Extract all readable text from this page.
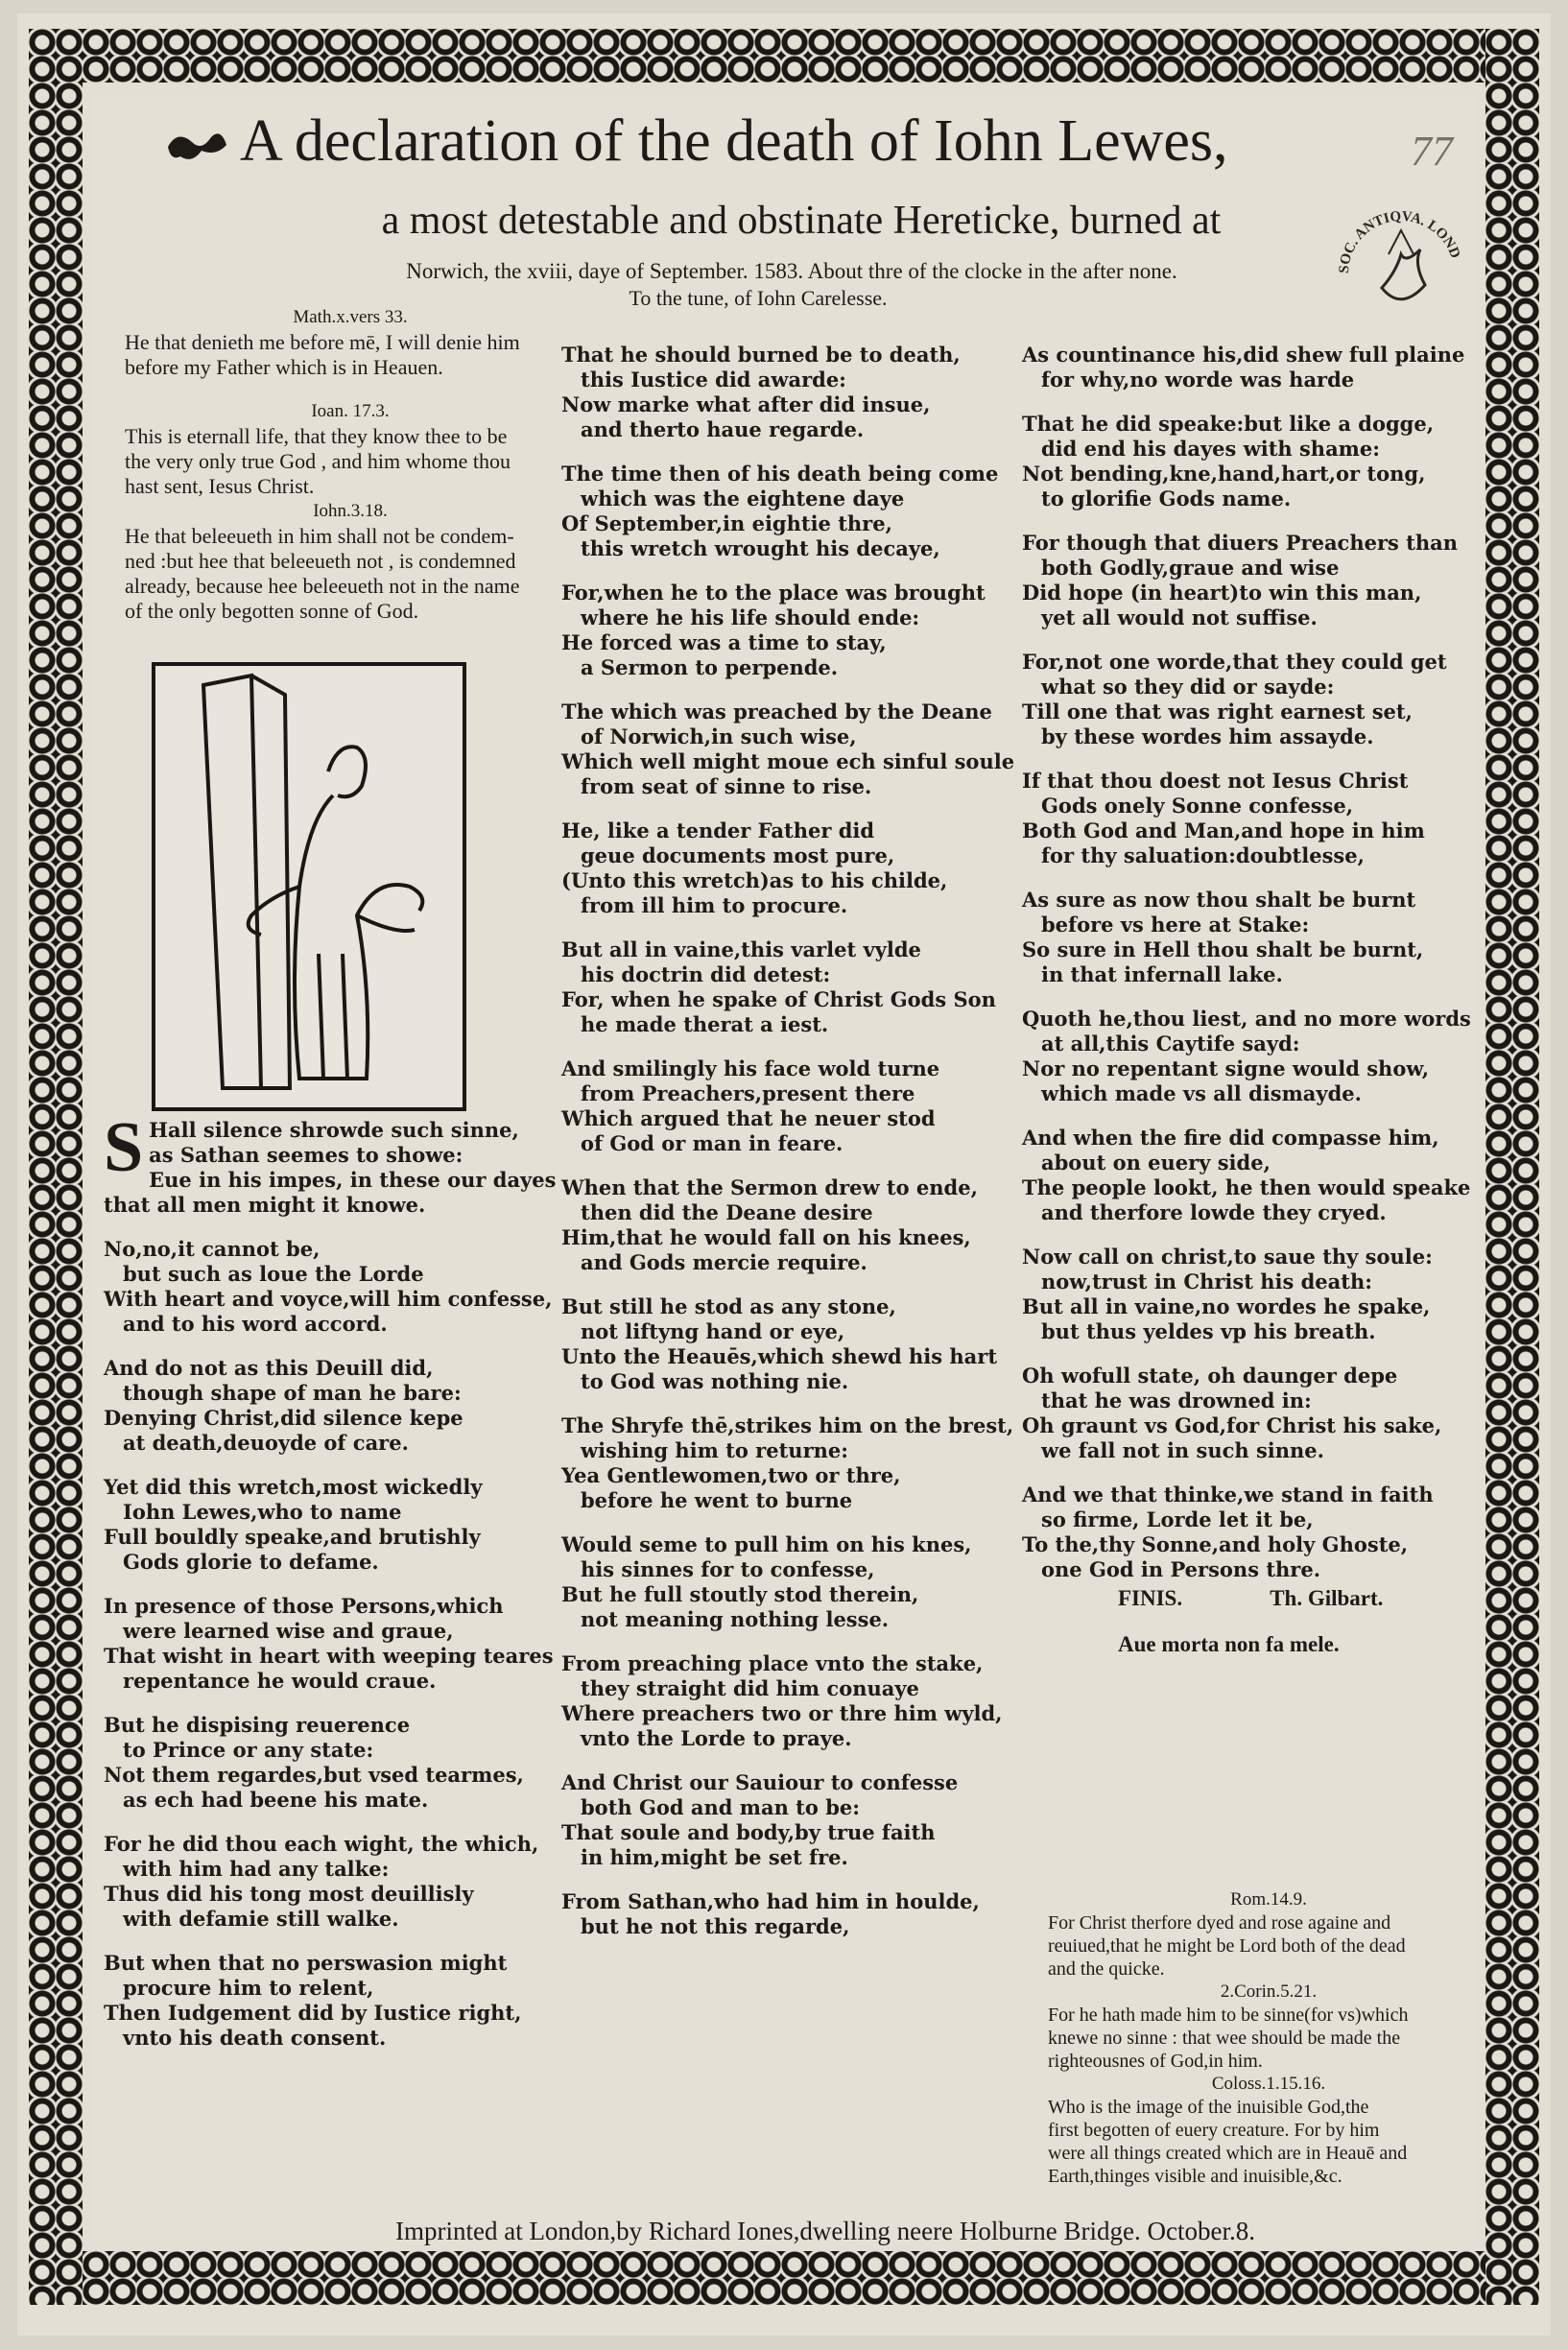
A declaration of the death of Iohn Lewes,
a most detestable and obstinate Hereticke, burned at
Norwich, the xviii, daye of September. 1583. About thre of the clocke in the after none.
To the tune, of Iohn Carelesse.
77
SOC. ANTIQVA. LOND
Math.x.vers 33.
He that denieth me before mē, I will denie him
before my Father which is in Heauen.
Ioan. 17.3.
This is eternall life, that they know thee to be
the very only true God , and him whome thou
hast sent, Iesus Christ.
Iohn.3.18.
He that beleeueth in him shall not be condem-
ned :but hee that beleeueth not , is condemned
already, because hee beleeueth not in the name
of the only begotten sonne of God.
S Hall silence shrowde such sinne,
as Sathan seemes to showe:
Eue in his impes, in these our dayes
that all men might it knowe.
No,no,it cannot be,
but such as loue the Lorde
With heart and voyce,will him confesse,
and to his word accord.
And do not as this Deuill did,
though shape of man he bare:
Denying Christ,did silence kepe
at death,deuoyde of care.
Yet did this wretch,most wickedly
Iohn Lewes,who to name
Full bouldly speake,and brutishly
Gods glorie to defame.
In presence of those Persons,which
were learned wise and graue,
That wisht in heart with weeping teares
repentance he would craue.
But he dispising reuerence
to Prince or any state:
Not them regardes,but vsed tearmes,
as ech had beene his mate.
For he did thou each wight, the which,
with him had any talke:
Thus did his tong most deuillisly
with defamie still walke.
But when that no perswasion might
procure him to relent,
Then Iudgement did by Iustice right,
vnto his death consent.
That he should burned be to death,
this Iustice did awarde:
Now marke what after did insue,
and therto haue regarde.
The time then of his death being come
which was the eightene daye
Of September,in eightie thre,
this wretch wrought his decaye,
For,when he to the place was brought
where he his life should ende:
He forced was a time to stay,
a Sermon to perpende.
The which was preached by the Deane
of Norwich,in such wise,
Which well might moue ech sinful soule
from seat of sinne to rise.
He, like a tender Father did
geue documents most pure,
(Unto this wretch)as to his childe,
from ill him to procure.
But all in vaine,this varlet vylde
his doctrin did detest:
For, when he spake of Christ Gods Son
he made therat a iest.
And smilingly his face wold turne
from Preachers,present there
Which argued that he neuer stod
of God or man in feare.
When that the Sermon drew to ende,
then did the Deane desire
Him,that he would fall on his knees,
and Gods mercie require.
But still he stod as any stone,
not liftyng hand or eye,
Unto the Heauēs,which shewd his hart
to God was nothing nie.
The Shryfe thē,strikes him on the brest,
wishing him to returne:
Yea Gentlewomen,two or thre,
before he went to burne
Would seme to pull him on his knes,
his sinnes for to confesse,
But he full stoutly stod therein,
not meaning nothing lesse.
From preaching place vnto the stake,
they straight did him conuaye
Where preachers two or thre him wyld,
vnto the Lorde to praye.
And Christ our Sauiour to confesse
both God and man to be:
That soule and body,by true faith
in him,might be set fre.
From Sathan,who had him in houlde,
but he not this regarde,
As countinance his,did shew full plaine
for why,no worde was harde
That he did speake:but like a dogge,
did end his dayes with shame:
Not bending,kne,hand,hart,or tong,
to glorifie Gods name.
For though that diuers Preachers than
both Godly,graue and wise
Did hope (in heart)to win this man,
yet all would not suffise.
For,not one worde,that they could get
what so they did or sayde:
Till one that was right earnest set,
by these wordes him assayde.
If that thou doest not Iesus Christ
Gods onely Sonne confesse,
Both God and Man,and hope in him
for thy saluation:doubtlesse,
As sure as now thou shalt be burnt
before vs here at Stake:
So sure in Hell thou shalt be burnt,
in that infernall lake.
Quoth he,thou liest, and no more words
at all,this Caytife sayd:
Nor no repentant signe would show,
which made vs all dismayde.
And when the fire did compasse him,
about on euery side,
The people lookt, he then would speake
and therfore lowde they cryed.
Now call on christ,to saue thy soule:
now,trust in Christ his death:
But all in vaine,no wordes he spake,
but thus yeldes vp his breath.
Oh wofull state, oh daunger depe
that he was drowned in:
Oh graunt vs God,for Christ his sake,
we fall not in such sinne.
And we that thinke,we stand in faith
so firme, Lorde let it be,
To the,thy Sonne,and holy Ghoste,
one God in Persons thre.
FINIS.	Th. Gilbart.
Aue morta non fa mele.
Rom.14.9.
For Christ therfore dyed and rose againe and
reuiued,that he might be Lord both of the dead
and the quicke.
2.Corin.5.21.
For he hath made him to be sinne(for vs)which
knewe no sinne : that wee should be made the
righteousnes of God,in him.
Coloss.1.15.16.
Who is the image of the inuisible God,the
first begotten of euery creature. For by him
were all things created which are in Heauē and
Earth,thinges visible and inuisible,&c.
Imprinted at London,by Richard Iones,dwelling neere Holburne Bridge. October.8.
